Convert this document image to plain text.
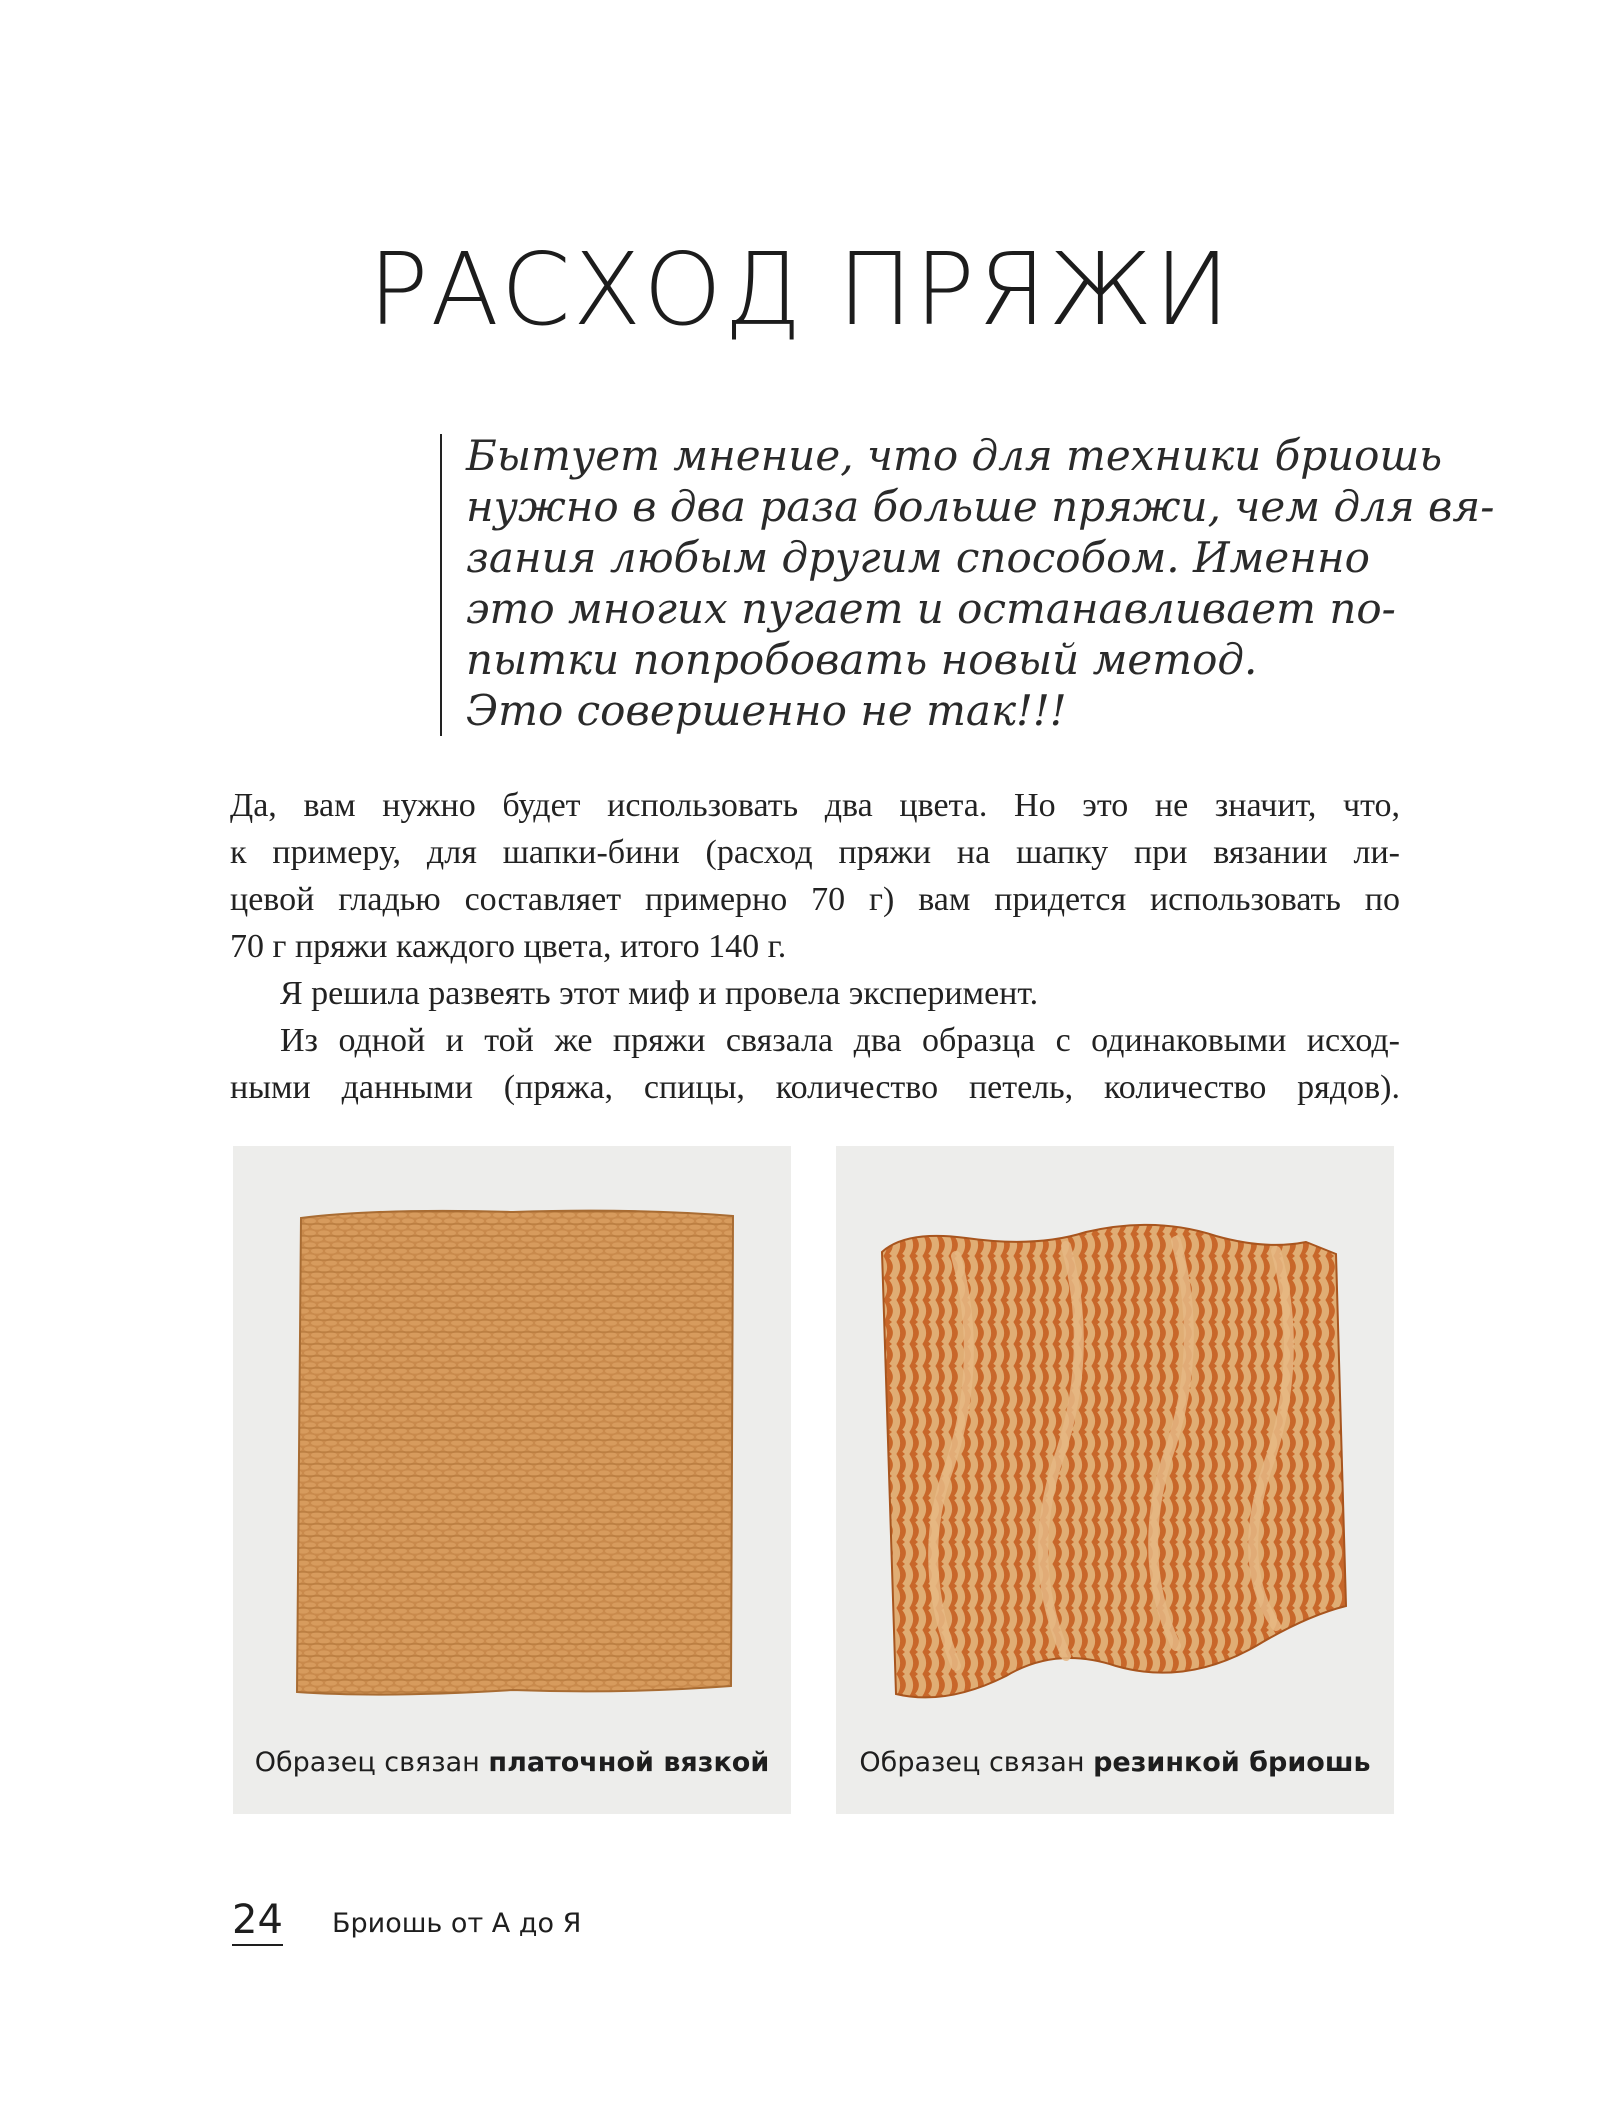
РАСХОД ПРЯЖИ
Бытует мнение, что для техники бриошь
нужно в два раза больше пряжи, чем для вя-
зания любым другим способом. Именно
это многих пугает и останавливает по-
пытки попробовать новый метод.
Это совершенно не так!!!
Да, вам нужно будет использовать два цвета. Но это не значит, что,
к примеру, для шапки-бини (расход пряжи на шапку при вязании ли-
цевой гладью составляет примерно 70 г) вам придется использовать по
70 г пряжи каждого цвета, итого 140 г.
Я решила развеять этот миф и провела эксперимент.
Из одной и той же пряжи связала два образца с одинаковыми исход-
ными данными (пряжа, спицы, количество петель, количество рядов).
Образец связан платочной вязкой	Образец связан резинкой бриошь
24 Бриошь от А до Я
